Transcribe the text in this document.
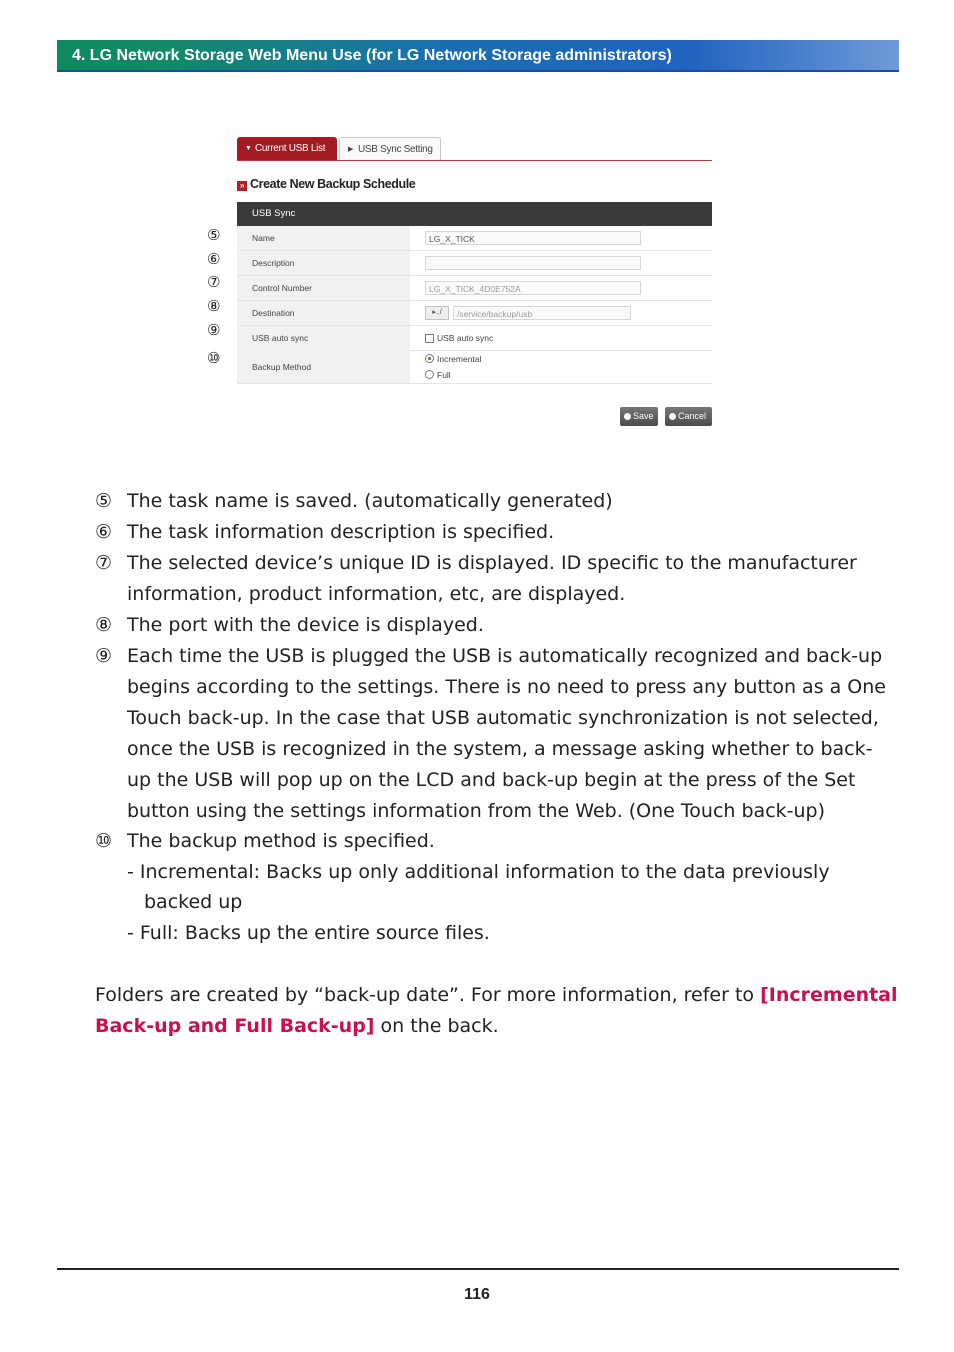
4. LG Network Storage Web Menu Use (for LG Network Storage administrators)
⑤
⑥
⑦
⑧
⑨
⑩
▼ Current USB List	▶ USB Sync Setting
» Create New Backup Schedule
USB Sync
Name	LG_X_TICK
Description
Control Number	LG_X_TICK_4D0E752A
Destination	▸../	/service/backup/usb
USB auto sync	USB auto sync
Backup Method
Incremental
Full
Save	Cancel
⑤ The task name is saved. (automatically generated)
⑥ The task information description is specified.
⑦ The selected device’s unique ID is displayed. ID specific to the manufacturer
information, product information, etc, are displayed.
⑧ The port with the device is displayed.
⑨ Each time the USB is plugged the USB is automatically recognized and back-up
begins according to the settings. There is no need to press any button as a One
Touch back-up. In the case that USB automatic synchronization is not selected,
once the USB is recognized in the system, a message asking whether to back-
up the USB will pop up on the LCD and back-up begin at the press of the Set
button using the settings information from the Web. (One Touch back-up)
⑩ The backup method is specified.
- Incremental: Backs up only additional information to the data previously
backed up
- Full: Backs up the entire source files.
Folders are created by “back-up date”. For more information, refer to [Incremental
Back-up and Full Back-up] on the back.
116
